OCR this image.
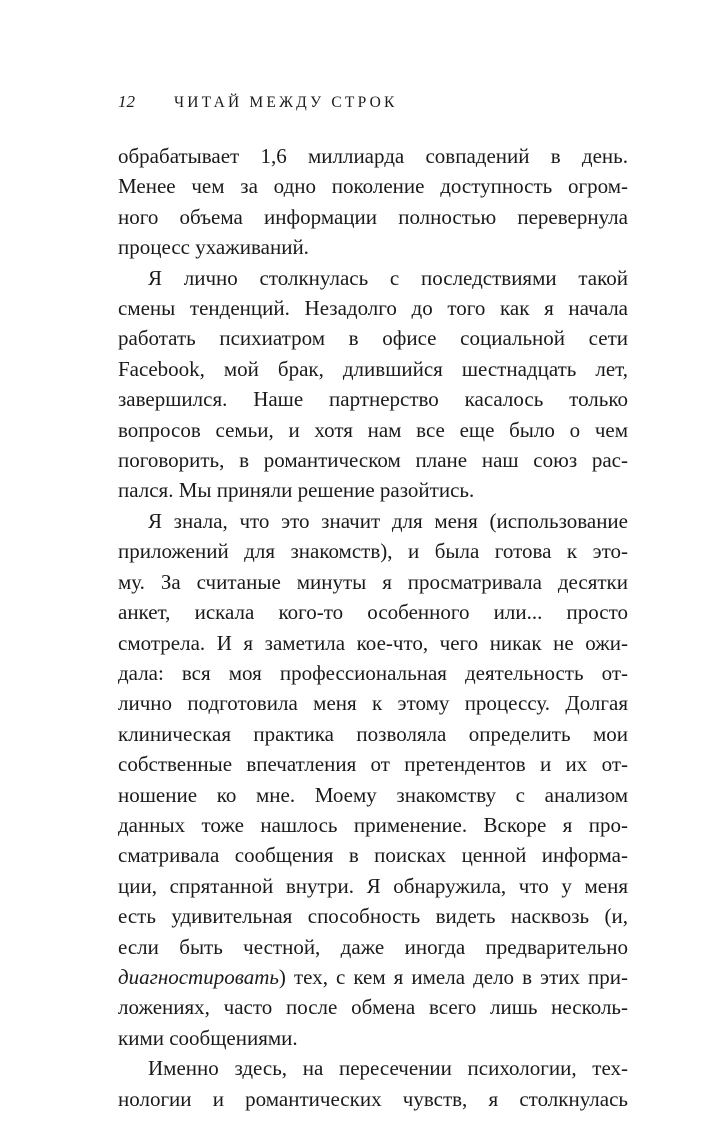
12	ЧИТАЙ МЕЖДУ СТРОК
обрабатывает 1,6 миллиарда совпадений в день.
Менее чем за одно поколение доступность огром-
ного объема информации полностью перевернула
процесс ухаживаний.
Я лично столкнулась с последствиями такой
смены тенденций. Незадолго до того как я начала
работать психиатром в офисе социальной сети
Facebook, мой брак, длившийся шестнадцать лет,
завершился. Наше партнерство касалось только
вопросов семьи, и хотя нам все еще было о чем
поговорить, в романтическом плане наш союз рас-
пался. Мы приняли решение разойтись.
Я знала, что это значит для меня (использование
приложений для знакомств), и была готова к это-
му. За считаные минуты я просматривала десятки
анкет, искала кого-то особенного или... просто
смотрела. И я заметила кое-что, чего никак не ожи-
дала: вся моя профессиональная деятельность от-
лично подготовила меня к этому процессу. Долгая
клиническая практика позволяла определить мои
собственные впечатления от претендентов и их от-
ношение ко мне. Моему знакомству с анализом
данных тоже нашлось применение. Вскоре я про-
сматривала сообщения в поисках ценной информа-
ции, спрятанной внутри. Я обнаружила, что у меня
есть удивительная способность видеть насквозь (и,
если быть честной, даже иногда предварительно
диагностировать) тех, с кем я имела дело в этих при-
ложениях, часто после обмена всего лишь несколь-
кими сообщениями.
Именно здесь, на пересечении психологии, тех-
нологии и романтических чувств, я столкнулась
